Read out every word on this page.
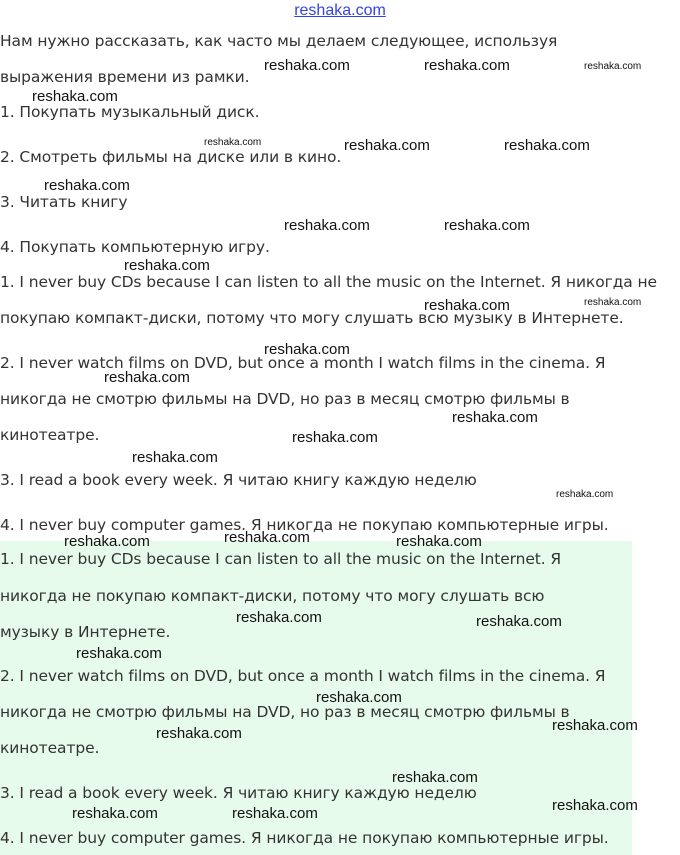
reshaka.com
Нам нужно рассказать, как часто мы делаем следующее, используя
выражения времени из рамки.
1. Покупать музыкальный диск.
2. Смотреть фильмы на диске или в кино.
3. Читать книгу
4. Покупать компьютерную игру.
1. I never buy CDs because I can listen to all the music on the Internet. Я никогда не
покупаю компакт-диски, потому что могу слушать всю музыку в Интернете.
2. I never watch films on DVD, but once a month I watch films in the cinema. Я
никогда не смотрю фильмы на DVD, но раз в месяц смотрю фильмы в
кинотеатре.
3. I read a book every week. Я читаю книгу каждую неделю
4. I never buy computer games. Я никогда не покупаю компьютерные игры.
1. I never buy CDs because I can listen to all the music on the Internet. Я
никогда не покупаю компакт-диски, потому что могу слушать всю
музыку в Интернете.
2. I never watch films on DVD, but once a month I watch films in the cinema. Я
никогда не смотрю фильмы на DVD, но раз в месяц смотрю фильмы в
кинотеатре.
3. I read a book every week. Я читаю книгу каждую неделю
4. I never buy computer games. Я никогда не покупаю компьютерные игры.
reshaka.com	reshaka.com	reshaka.com
reshaka.com
reshaka.com	reshaka.com	reshaka.com
reshaka.com
reshaka.com	reshaka.com
reshaka.com
reshaka.com	reshaka.com
reshaka.com
reshaka.com
reshaka.com
reshaka.com
reshaka.com
reshaka.com
reshaka.com	reshaka.com	reshaka.com
reshaka.com	reshaka.com
reshaka.com
reshaka.com
reshaka.com
reshaka.com
reshaka.com
reshaka.com
reshaka.com	reshaka.com
